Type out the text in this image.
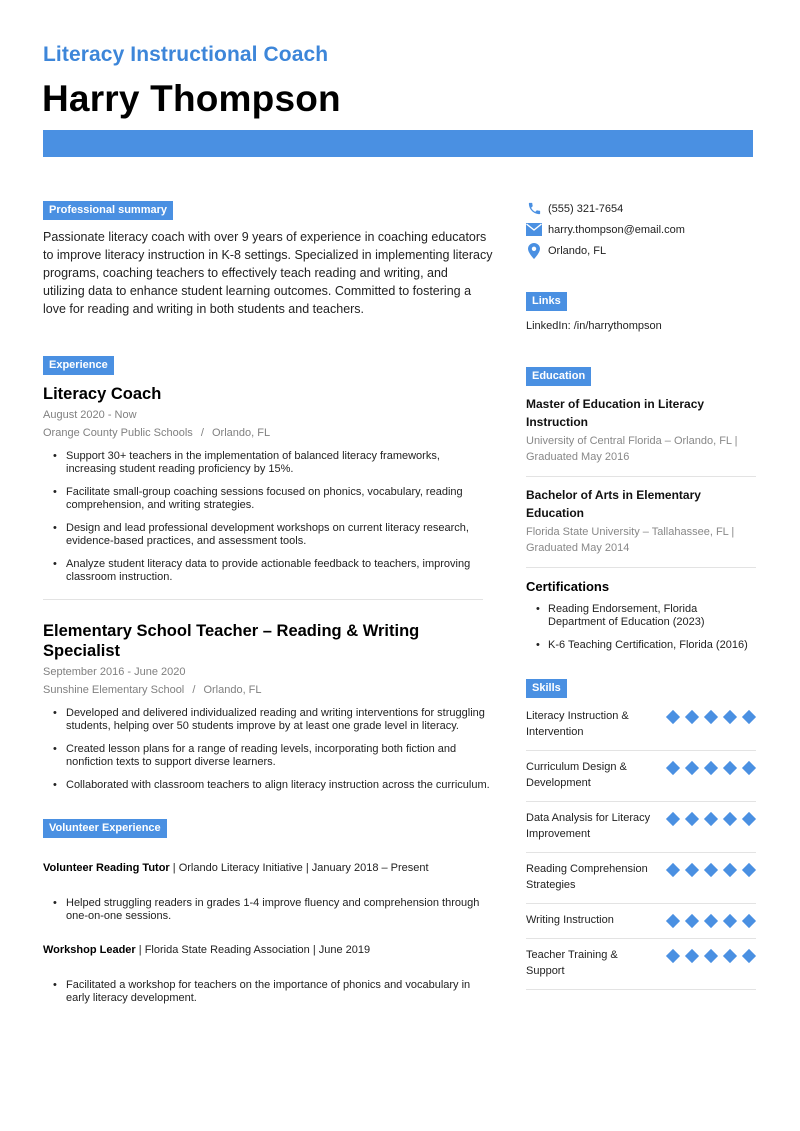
Literacy Instructional Coach
Harry Thompson
Professional summary

Passionate literacy coach with over 9 years of experience in coaching educators to improve literacy instruction in K-8 settings. Specialized in implementing literacy programs, coaching teachers to effectively teach reading and writing, and utilizing data to enhance student learning outcomes. Committed to fostering a love for reading and writing in both students and teachers.

Experience
Literacy Coach
August 2020 - Now
Orange County Public Schools / Orlando, FL
• Support 30+ teachers in the implementation of balanced literacy frameworks, increasing student reading proficiency by 15%.
• Facilitate small-group coaching sessions focused on phonics, vocabulary, reading comprehension, and writing strategies.
• Design and lead professional development workshops on current literacy research, evidence-based practices, and assessment tools.
• Analyze student literacy data to provide actionable feedback to teachers, improving classroom instruction.
Elementary School Teacher – Reading & Writing Specialist
September 2016 - June 2020
Sunshine Elementary School / Orlando, FL
• Developed and delivered individualized reading and writing interventions for struggling students, helping over 50 students improve by at least one grade level in literacy.
• Created lesson plans for a range of reading levels, incorporating both fiction and nonfiction texts to support diverse learners.
• Collaborated with classroom teachers to align literacy instruction across the curriculum.
Volunteer Experience
Volunteer Reading Tutor | Orlando Literacy Initiative | January 2018 – Present
• Helped struggling readers in grades 1-4 improve fluency and comprehension through one-on-one sessions.
Workshop Leader | Florida State Reading Association | June 2019
• Facilitated a workshop for teachers on the importance of phonics and vocabulary in early literacy development.
(555) 321-7654
harry.thompson@email.com
Orlando, FL
Links
LinkedIn: /in/harrythompson
Education
Master of Education in Literacy Instruction
University of Central Florida – Orlando, FL | Graduated May 2016
Bachelor of Arts in Elementary Education
Florida State University – Tallahassee, FL | Graduated May 2014
Certifications
• Reading Endorsement, Florida Department of Education (2023)
• K-6 Teaching Certification, Florida (2016)
Skills
Literacy Instruction & Intervention
Curriculum Design & Development
Data Analysis for Literacy Improvement
Reading Comprehension Strategies
Writing Instruction
Teacher Training & Support
